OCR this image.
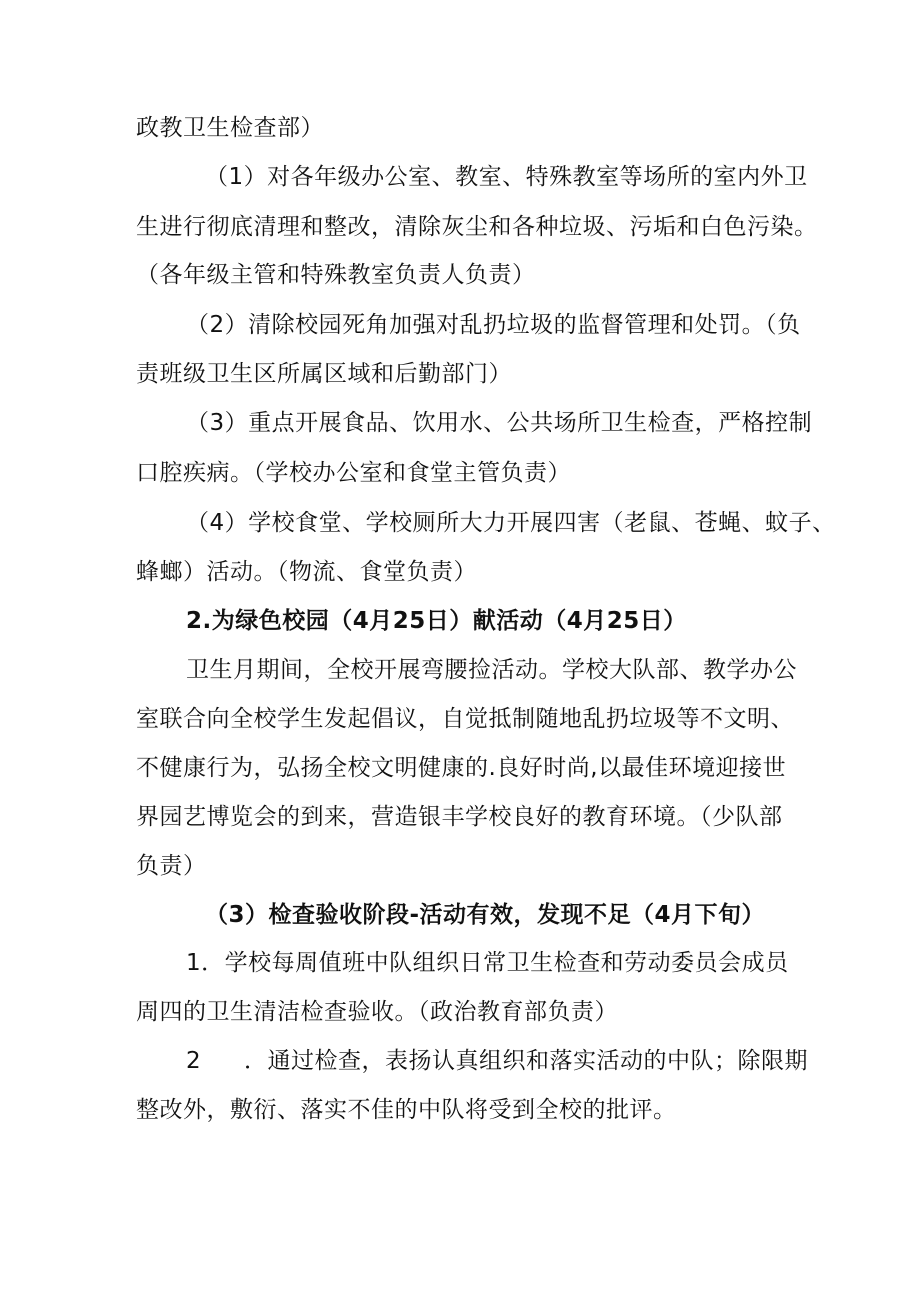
政教卫生检查部）
（1）对各年级办公室、教室、特殊教室等场所的室内外卫
生进行彻底清理和整改，清除灰尘和各种垃圾、污垢和白色污染。
（各年级主管和特殊教室负责人负责）
（2）清除校园死角加强对乱扔垃圾的监督管理和处罚。（负
责班级卫生区所属区域和后勤部门）
（3）重点开展食品、饮用水、公共场所卫生检查，严格控制
口腔疾病。（学校办公室和食堂主管负责）
（4）学校食堂、学校厕所大力开展四害（老鼠、苍蝇、蚊子、
蜂螂）活动。（物流、食堂负责）
2.为绿色校园（4月25日）献活动（4月25日）
卫生月期间，全校开展弯腰捡活动。学校大队部、教学办公
室联合向全校学生发起倡议，自觉抵制随地乱扔垃圾等不文明、
不健康行为，弘扬全校文明健康的.良好时尚,以最佳环境迎接世
界园艺博览会的到来，营造银丰学校良好的教育环境。（少队部
负责）
（3）检查验收阶段-活动有效，发现不足（4月下旬）
1．学校每周值班中队组织日常卫生检查和劳动委员会成员
周四的卫生清洁检查验收。（政治教育部负责）
2 ．通过检查，表扬认真组织和落实活动的中队；除限期
整改外，敷衍、落实不佳的中队将受到全校的批评。
